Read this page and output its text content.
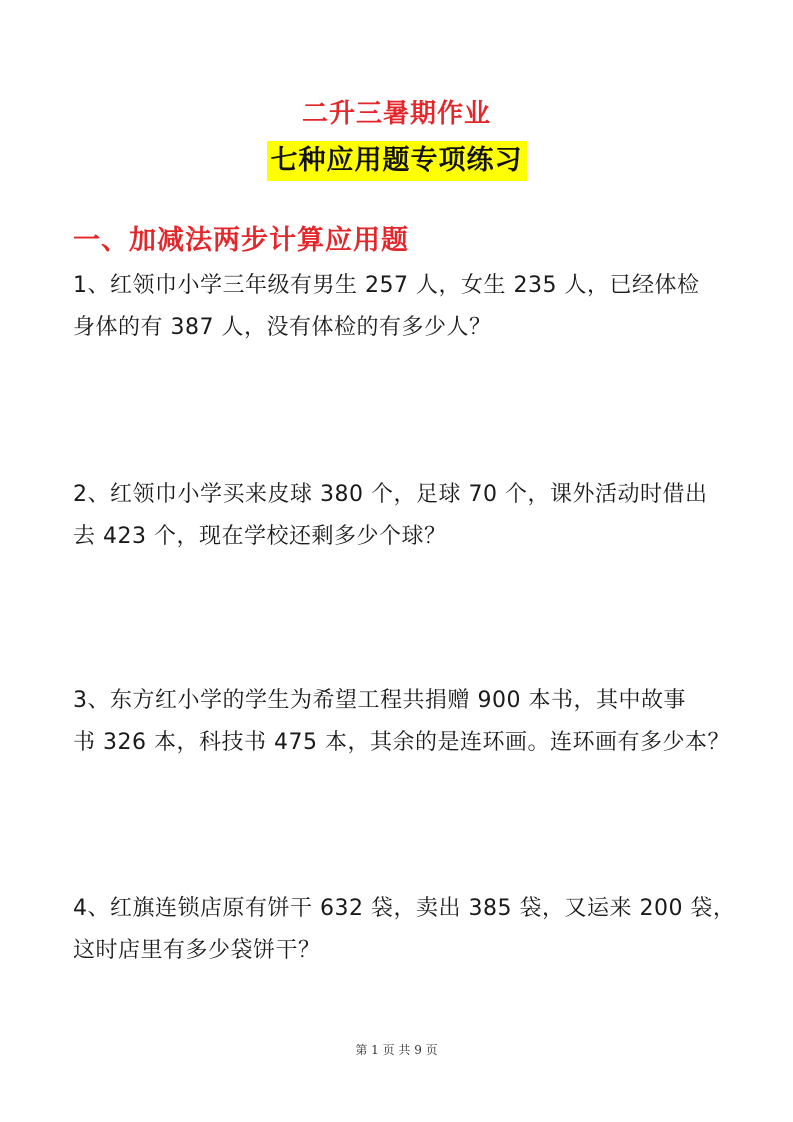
二升三暑期作业
七种应用题专项练习
一、加减法两步计算应用题
1、红领巾小学三年级有男生 257 人，女生 235 人，已经体检
身体的有 387 人，没有体检的有多少人？
2、红领巾小学买来皮球 380 个，足球 70 个，课外活动时借出
去 423 个，现在学校还剩多少个球？
3、东方红小学的学生为希望工程共捐赠 900 本书，其中故事
书 326 本，科技书 475 本，其余的是连环画。连环画有多少本？
4、红旗连锁店原有饼干 632 袋，卖出 385 袋，又运来 200 袋，
这时店里有多少袋饼干？
第 1 页 共 9 页
